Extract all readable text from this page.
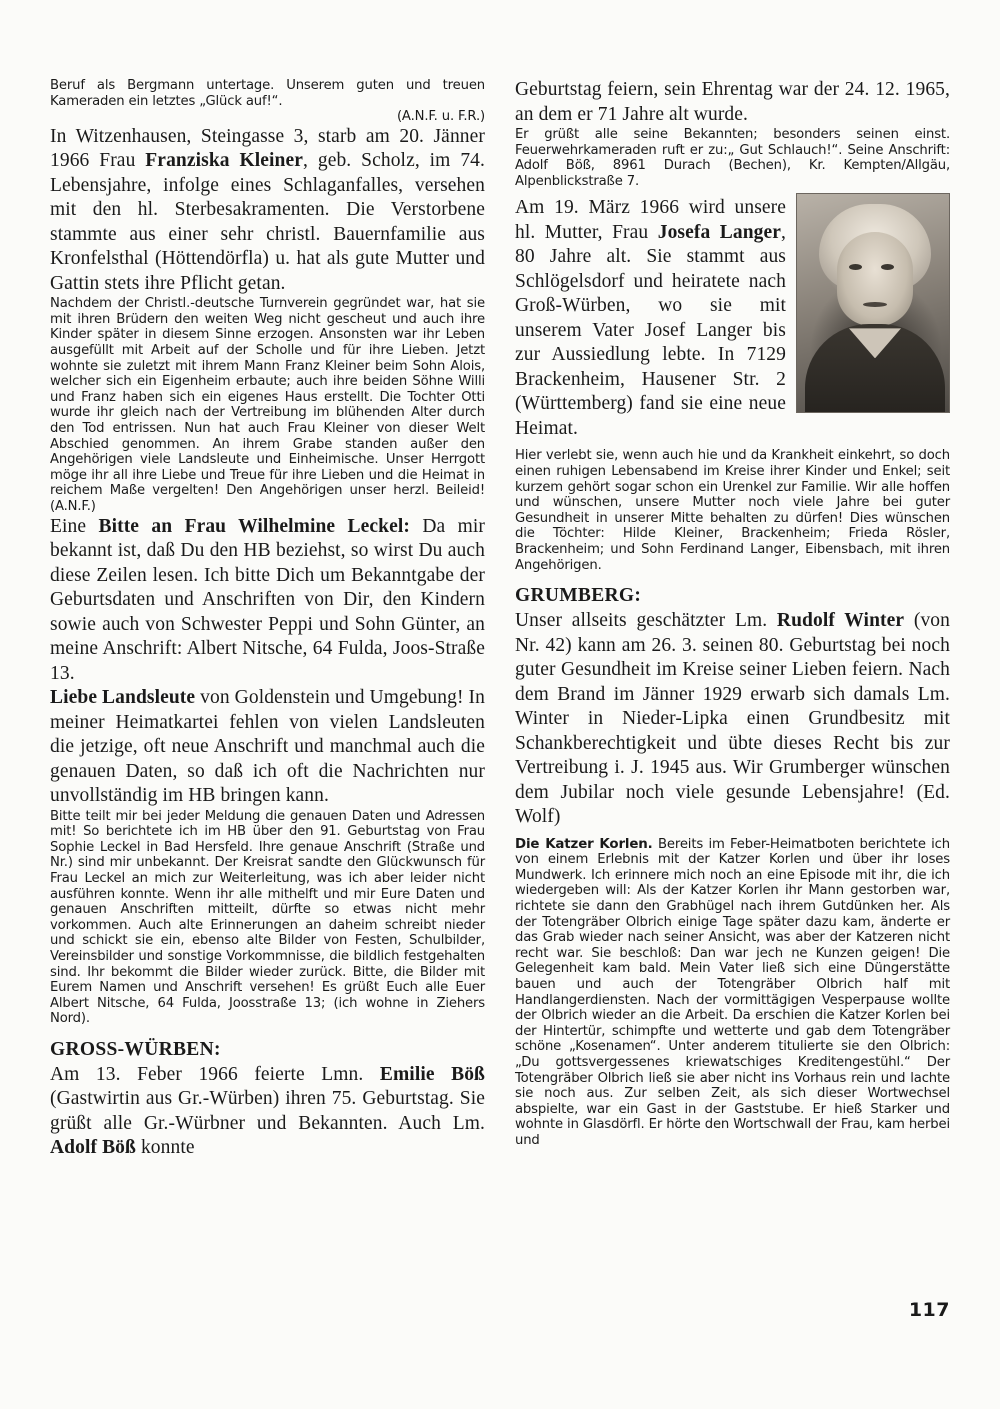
Beruf als Bergmann untertage. Unserem guten und treuen Kameraden ein letztes „Glück auf!“.

(A.N.F. u. F.R.)

In Witzenhausen, Steingasse 3, starb am 20. Jänner 1966 Frau Franziska Kleiner, geb. Scholz, im 74. Lebensjahre, infolge eines Schlaganfalles, versehen mit den hl. Sterbesakramenten. Die Verstorbene stammte aus einer sehr christl. Bauernfamilie aus Kronfelsthal (Höttendörfla) u. hat als gute Mutter und Gattin stets ihre Pflicht getan.

Nachdem der Christl.-deutsche Turnverein gegründet war, hat sie mit ihren Brüdern den weiten Weg nicht gescheut und auch ihre Kinder später in diesem Sinne erzogen. Ansonsten war ihr Leben ausgefüllt mit Arbeit auf der Scholle und für ihre Lieben. Jetzt wohnte sie zuletzt mit ihrem Mann Franz Kleiner beim Sohn Alois, welcher sich ein Eigenheim erbaute; auch ihre beiden Söhne Willi und Franz haben sich ein eigenes Haus erstellt. Die Tochter Otti wurde ihr gleich nach der Vertreibung im blühenden Alter durch den Tod entrissen. Nun hat auch Frau Kleiner von dieser Welt Abschied genommen. An ihrem Grabe standen außer den Angehörigen viele Landsleute und Einheimische. Unser Herrgott möge ihr all ihre Liebe und Treue für ihre Lieben und die Heimat in reichem Maße vergelten! Den Angehörigen unser herzl. Beileid! (A.N.F.)

Eine Bitte an Frau Wilhelmine Leckel: Da mir bekannt ist, daß Du den HB beziehst, so wirst Du auch diese Zeilen lesen. Ich bitte Dich um Bekanntgabe der Geburtsdaten und Anschriften von Dir, den Kindern sowie auch von Schwester Peppi und Sohn Günter, an meine Anschrift: Albert Nitsche, 64 Fulda, Joos-Straße 13.

Liebe Landsleute von Goldenstein und Umgebung! In meiner Heimatkartei fehlen von vielen Landsleuten die jetzige, oft neue Anschrift und manchmal auch die genauen Daten, so daß ich oft die Nachrichten nur unvollständig im HB bringen kann.

Bitte teilt mir bei jeder Meldung die genauen Daten und Adressen mit! So berichtete ich im HB über den 91. Geburtstag von Frau Sophie Leckel in Bad Hersfeld. Ihre genaue Anschrift (Straße und Nr.) sind mir unbekannt. Der Kreisrat sandte den Glückwunsch für Frau Leckel an mich zur Weiterleitung, was ich aber leider nicht ausführen konnte. Wenn ihr alle mithelft und mir Eure Daten und genauen Anschriften mitteilt, dürfte so etwas nicht mehr vorkommen. Auch alte Erinnerungen an daheim schreibt nieder und schickt sie ein, ebenso alte Bilder von Festen, Schulbilder, Vereinsbilder und sonstige Vorkommnisse, die bildlich festgehalten sind. Ihr bekommt die Bilder wieder zurück. Bitte, die Bilder mit Eurem Namen und Anschrift versehen! Es grüßt Euch alle Euer Albert Nitsche, 64 Fulda, Joosstraße 13; (ich wohne in Ziehers Nord).

GROSS-WÜRBEN:

Am 13. Feber 1966 feierte Lmn. Emilie Böß (Gastwirtin aus Gr.-Würben) ihren 75. Geburtstag. Sie grüßt alle Gr.-Würbner und Bekannten. Auch Lm. Adolf Böß konnte

Geburtstag feiern, sein Ehrentag war der 24. 12. 1965, an dem er 71 Jahre alt wurde.

Er grüßt alle seine Bekannten; besonders seinen einst. Feuerwehrkameraden ruft er zu:„ Gut Schlauch!“. Seine Anschrift: Adolf Böß, 8961 Durach (Bechen), Kr. Kempten/Allgäu, Alpenblickstraße 7.

Am 19. März 1966 wird unsere hl. Mutter, Frau Josefa Langer, 80 Jahre alt. Sie stammt aus Schlögelsdorf und heiratete nach Groß-Würben, wo sie mit unserem Vater Josef Langer bis zur Aussiedlung lebte. In 7129 Brackenheim, Hausener Str. 2 (Württemberg) fand sie eine neue Heimat.

Hier verlebt sie, wenn auch hie und da Krankheit einkehrt, so doch einen ruhigen Lebensabend im Kreise ihrer Kinder und Enkel; seit kurzem gehört sogar schon ein Urenkel zur Familie. Wir alle hoffen und wünschen, unsere Mutter noch viele Jahre bei guter Gesundheit in unserer Mitte behalten zu dürfen! Dies wünschen die Töchter: Hilde Kleiner, Brackenheim; Frieda Rösler, Brackenheim; und Sohn Ferdinand Langer, Eibensbach, mit ihren Angehörigen.

GRUMBERG:

Unser allseits geschätzter Lm. Rudolf Winter (von Nr. 42) kann am 26. 3. seinen 80. Geburtstag bei noch guter Gesundheit im Kreise seiner Lieben feiern. Nach dem Brand im Jänner 1929 erwarb sich damals Lm. Winter in Nieder-Lipka einen Grundbesitz mit Schankberechtigkeit und übte dieses Recht bis zur Vertreibung i. J. 1945 aus. Wir Grumberger wünschen dem Jubilar noch viele gesunde Lebensjahre! (Ed. Wolf)

Die Katzer Korlen. Bereits im Feber-Heimatboten berichtete ich von einem Erlebnis mit der Katzer Korlen und über ihr loses Mundwerk. Ich erinnere mich noch an eine Episode mit ihr, die ich wiedergeben will: Als der Katzer Korlen ihr Mann gestorben war, richtete sie dann den Grabhügel nach ihrem Gutdünken her. Als der Totengräber Olbrich einige Tage später dazu kam, änderte er das Grab wieder nach seiner Ansicht, was aber der Katzeren nicht recht war. Sie beschloß: Dan war jech ne Kunzen geigen! Die Gelegenheit kam bald. Mein Vater ließ sich eine Düngerstätte bauen und auch der Totengräber Olbrich half mit Handlangerdiensten. Nach der vormittägigen Vesperpause wollte der Olbrich wieder an die Arbeit. Da erschien die Katzer Korlen bei der Hintertür, schimpfte und wetterte und gab dem Totengräber schöne „Kosenamen“. Unter anderem titulierte sie den Olbrich: „Du gottsvergessenes kriewatschiges Kreditengestühl.“ Der Totengräber Olbrich ließ sie aber nicht ins Vorhaus rein und lachte sie noch aus. Zur selben Zeit, als sich dieser Wortwechsel abspielte, war ein Gast in der Gaststube. Er hieß Starker und wohnte in Glasdörfl. Er hörte den Wortschwall der Frau, kam herbei und

117
